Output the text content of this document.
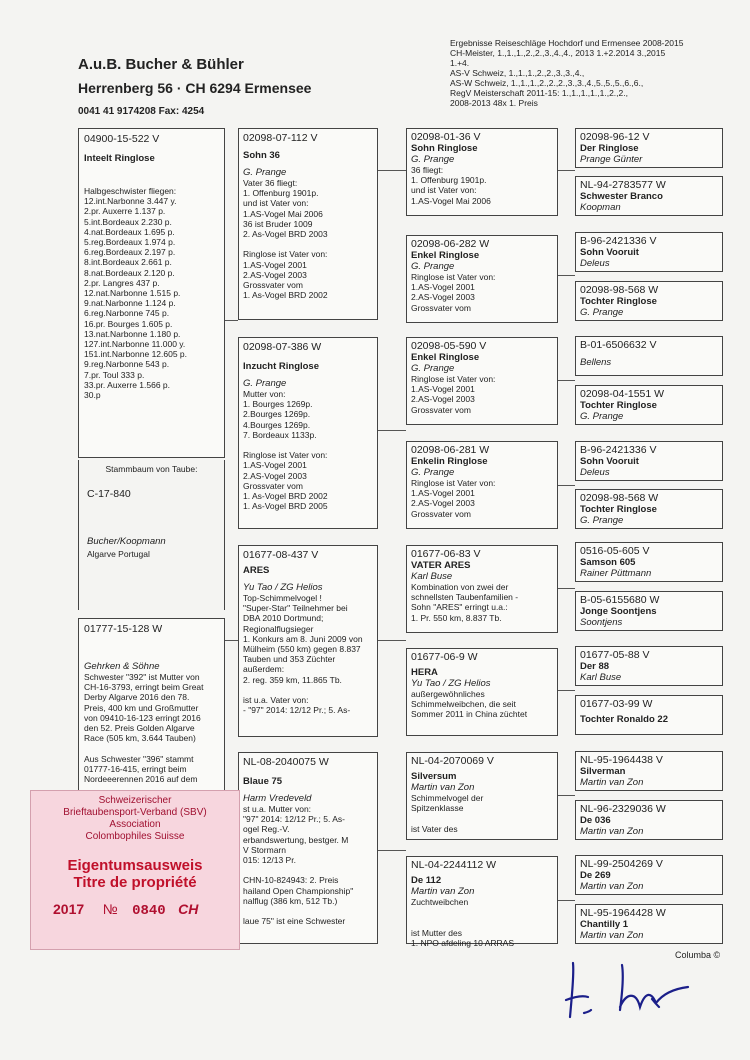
A.u.B. Bucher & Bühler
Herrenberg 56 · CH 6294 Ermensee
0041 41 9174208 Fax: 4254
Ergebnisse Reiseschläge Hochdorf und Ermensee 2008-2015
CH-Meister, 1.,1.,1.,2.,2.,3.,4.,4., 2013 1.+2.2014 3.,2015
1.+4.
AS-V Schweiz, 1.,1.,1.,2.,2.,3.,3.,4.,
AS-W Schweiz, 1.,1.,1.,2.,2.,2.,3.,3.,4.,5.,5.,5.,6.,6.,
RegV Meisterschaft 2011-15: 1.,1.,1.,1.,1.,2.,2.,
2008-2013 48x 1. Preis
04900-15-522 V
Inteelt Ringlose
Halbgeschwister fliegen:
12.int.Narbonne 3.447 y.
2.pr. Auxerre 1.137 p.
5.int.Bordeaux 2.230 p.
4.nat.Bordeaux 1.695 p.
5.reg.Bordeaux 1.974 p.
6.reg.Bordeaux 2.197 p.
8.int.Bordeaux 2.661 p.
8.nat.Bordeaux 2.120 p.
2.pr. Langres 437 p.
12.nat.Narbonne 1.515 p.
9.nat.Narbonne 1.124 p.
6.reg.Narbonne 745 p.
16.pr. Bourges 1.605 p.
13.nat.Narbonne 1.180 p.
127.int.Narbonne 11.000 y.
151.int.Narbonne 12.605 p.
9.reg.Narbonne 543 p.
7.pr. Toul 333 p.
33.pr. Auxerre 1.566 p.
30.p
Stammbaum von Taube:
C-17-840
Bucher/Koopmann
Algarve Portugal
01777-15-128 W
Gehrken & Söhne
Schwester "392" ist Mutter von
CH-16-3793, erringt beim Great
Derby Algarve 2016 den 78.
Preis, 400 km und Großmutter
von 09410-16-123 erringt 2016
den 52. Preis Golden Algarve
Race (505 km, 3.644 Tauben)

Aus Schwester "396" stammt
01777-16-415, erringt beim
Nordeeerennen 2016 auf dem
02098-07-112 V
Sohn 36
G. Prange
Vater 36 fliegt:
1. Offenburg 1901p.
und ist Vater von:
1.AS-Vogel Mai 2006
36 ist Bruder 1009
2. As-Vogel BRD 2003

Ringlose ist Vater von:
1.AS-Vogel 2001
2.AS-Vogel 2003
Grossvater vom
1. As-Vogel BRD 2002
02098-07-386 W
Inzucht Ringlose
G. Prange
Mutter von:
1. Bourges 1269p.
2.Bourges 1269p.
4.Bourges 1269p.
7. Bordeaux 1133p.

Ringlose ist Vater von:
1.AS-Vogel 2001
2.AS-Vogel 2003
Grossvater vom
1. As-Vogel BRD 2002
1. As-Vogel BRD 2005
01677-08-437 V
ARES
Yu Tao / ZG Helios
Top-Schimmelvogel !
"Super-Star" Teilnehmer bei
DBA 2010 Dortmund;
Regionalflugsieger
1. Konkurs am 8. Juni 2009 von
Mülheim (550 km) gegen 8.837
Tauben und 353 Züchter
außerdem:
2. reg. 359 km, 11.865 Tb.

ist u.a. Vater von:
- "97" 2014: 12/12 Pr.; 5. As-
NL-08-2040075 W
Blaue 75
Harm Vredeveld
st u.a. Mutter von:
"97" 2014: 12/12 Pr.; 5. As-
ogel Reg.-V.
erbandswertung, bestger. M
V Stormarn
015: 12/13 Pr.

CHN-10-824943: 2. Preis
hailand Open Championship"
nalflug (386 km, 512 Tb.)

laue 75" ist eine Schwester
02098-01-36 V
Sohn Ringlose
G. Prange
36 fliegt:
1. Offenburg 1901p.
und ist Vater von:
1.AS-Vogel Mai 2006
02098-06-282 W
Enkel Ringlose
G. Prange
Ringlose ist Vater von:
1.AS-Vogel 2001
2.AS-Vogel 2003
Grossvater vom
02098-05-590 V
Enkel Ringlose
G. Prange
Ringlose ist Vater von:
1.AS-Vogel 2001
2.AS-Vogel 2003
Grossvater vom
02098-06-281 W
Enkelin Ringlose
G. Prange
Ringlose ist Vater von:
1.AS-Vogel 2001
2.AS-Vogel 2003
Grossvater vom
01677-06-83 V
VATER ARES
Karl Buse
Kombination von zwei der
schnellsten Taubenfamilien -
Sohn "ARES" erringt u.a.:
1. Pr. 550 km, 8.837 Tb.
01677-06-9 W
HERA
Yu Tao / ZG Helios
außergewöhnliches
Schimmelweibchen, die seit
Sommer 2011 in China züchtet
NL-04-2070069 V
Silversum
Martin van Zon
Schimmelvogel der
Spitzenklasse

ist Vater des
NL-04-2244112 W
De 112
Martin van Zon
Zuchtweibchen

ist Mutter des
1. NPO afdeling 10 ARRAS
02098-96-12 V
Der Ringlose
Prange Günter
NL-94-2783577 W
Schwester Branco
Koopman
B-96-2421336 V
Sohn Vooruit
Deleus
02098-98-568 W
Tochter Ringlose
G. Prange
B-01-6506632 V
Bellens
02098-04-1551 W
Tochter Ringlose
G. Prange
B-96-2421336 V
Sohn Vooruit
Deleus
02098-98-568 W
Tochter Ringlose
G. Prange
0516-05-605 V
Samson 605
Rainer Püttmann
B-05-6155680 W
Jonge Soontjens
Soontjens
01677-05-88 V
Der 88
Karl Buse
01677-03-99 W
Tochter Ronaldo 22
NL-95-1964438 V
Silverman
Martin van Zon
NL-96-2329036 W
De 036
Martin van Zon
NL-99-2504269 V
De 269
Martin van Zon
NL-95-1964428 W
Chantilly 1
Martin van Zon
Schweizerischer
Brieftaubensport-Verband (SBV)
Association
Colombophiles Suisse
Eigentumsausweis
Titre de propriété
2017 № 0840 CH
Columba ©
